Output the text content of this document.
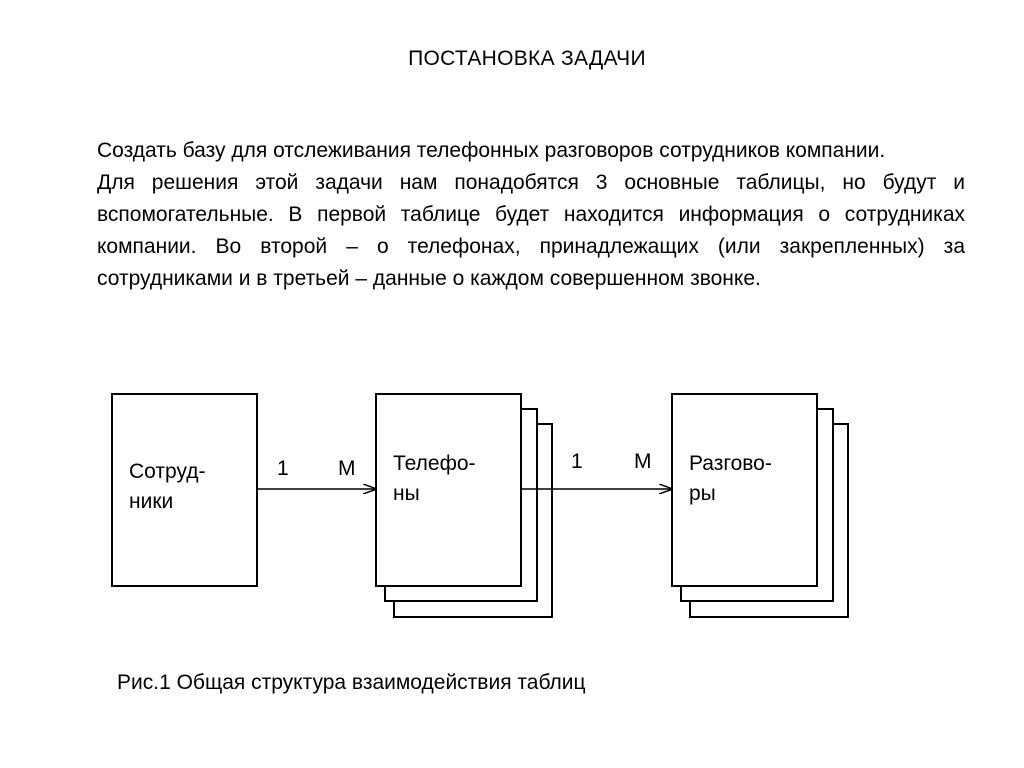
ПОСТАНОВКА ЗАДАЧИ

Создать базу для отслеживания телефонных разговоров сотрудников компании.

Для решения этой задачи нам понадобятся 3 основные таблицы, но будут и вспомогательные. В первой таблице будет находится информация о сотрудниках компании. Во второй – о телефонах, принадлежащих (или закрепленных) за сотрудниками и в третьей – данные о каждом совершенном звонке.

Сотруд-
ники
Телефо-
ны
Разгово-
ры
1 М	1 М
Рис.1 Общая структура взаимодействия таблиц
